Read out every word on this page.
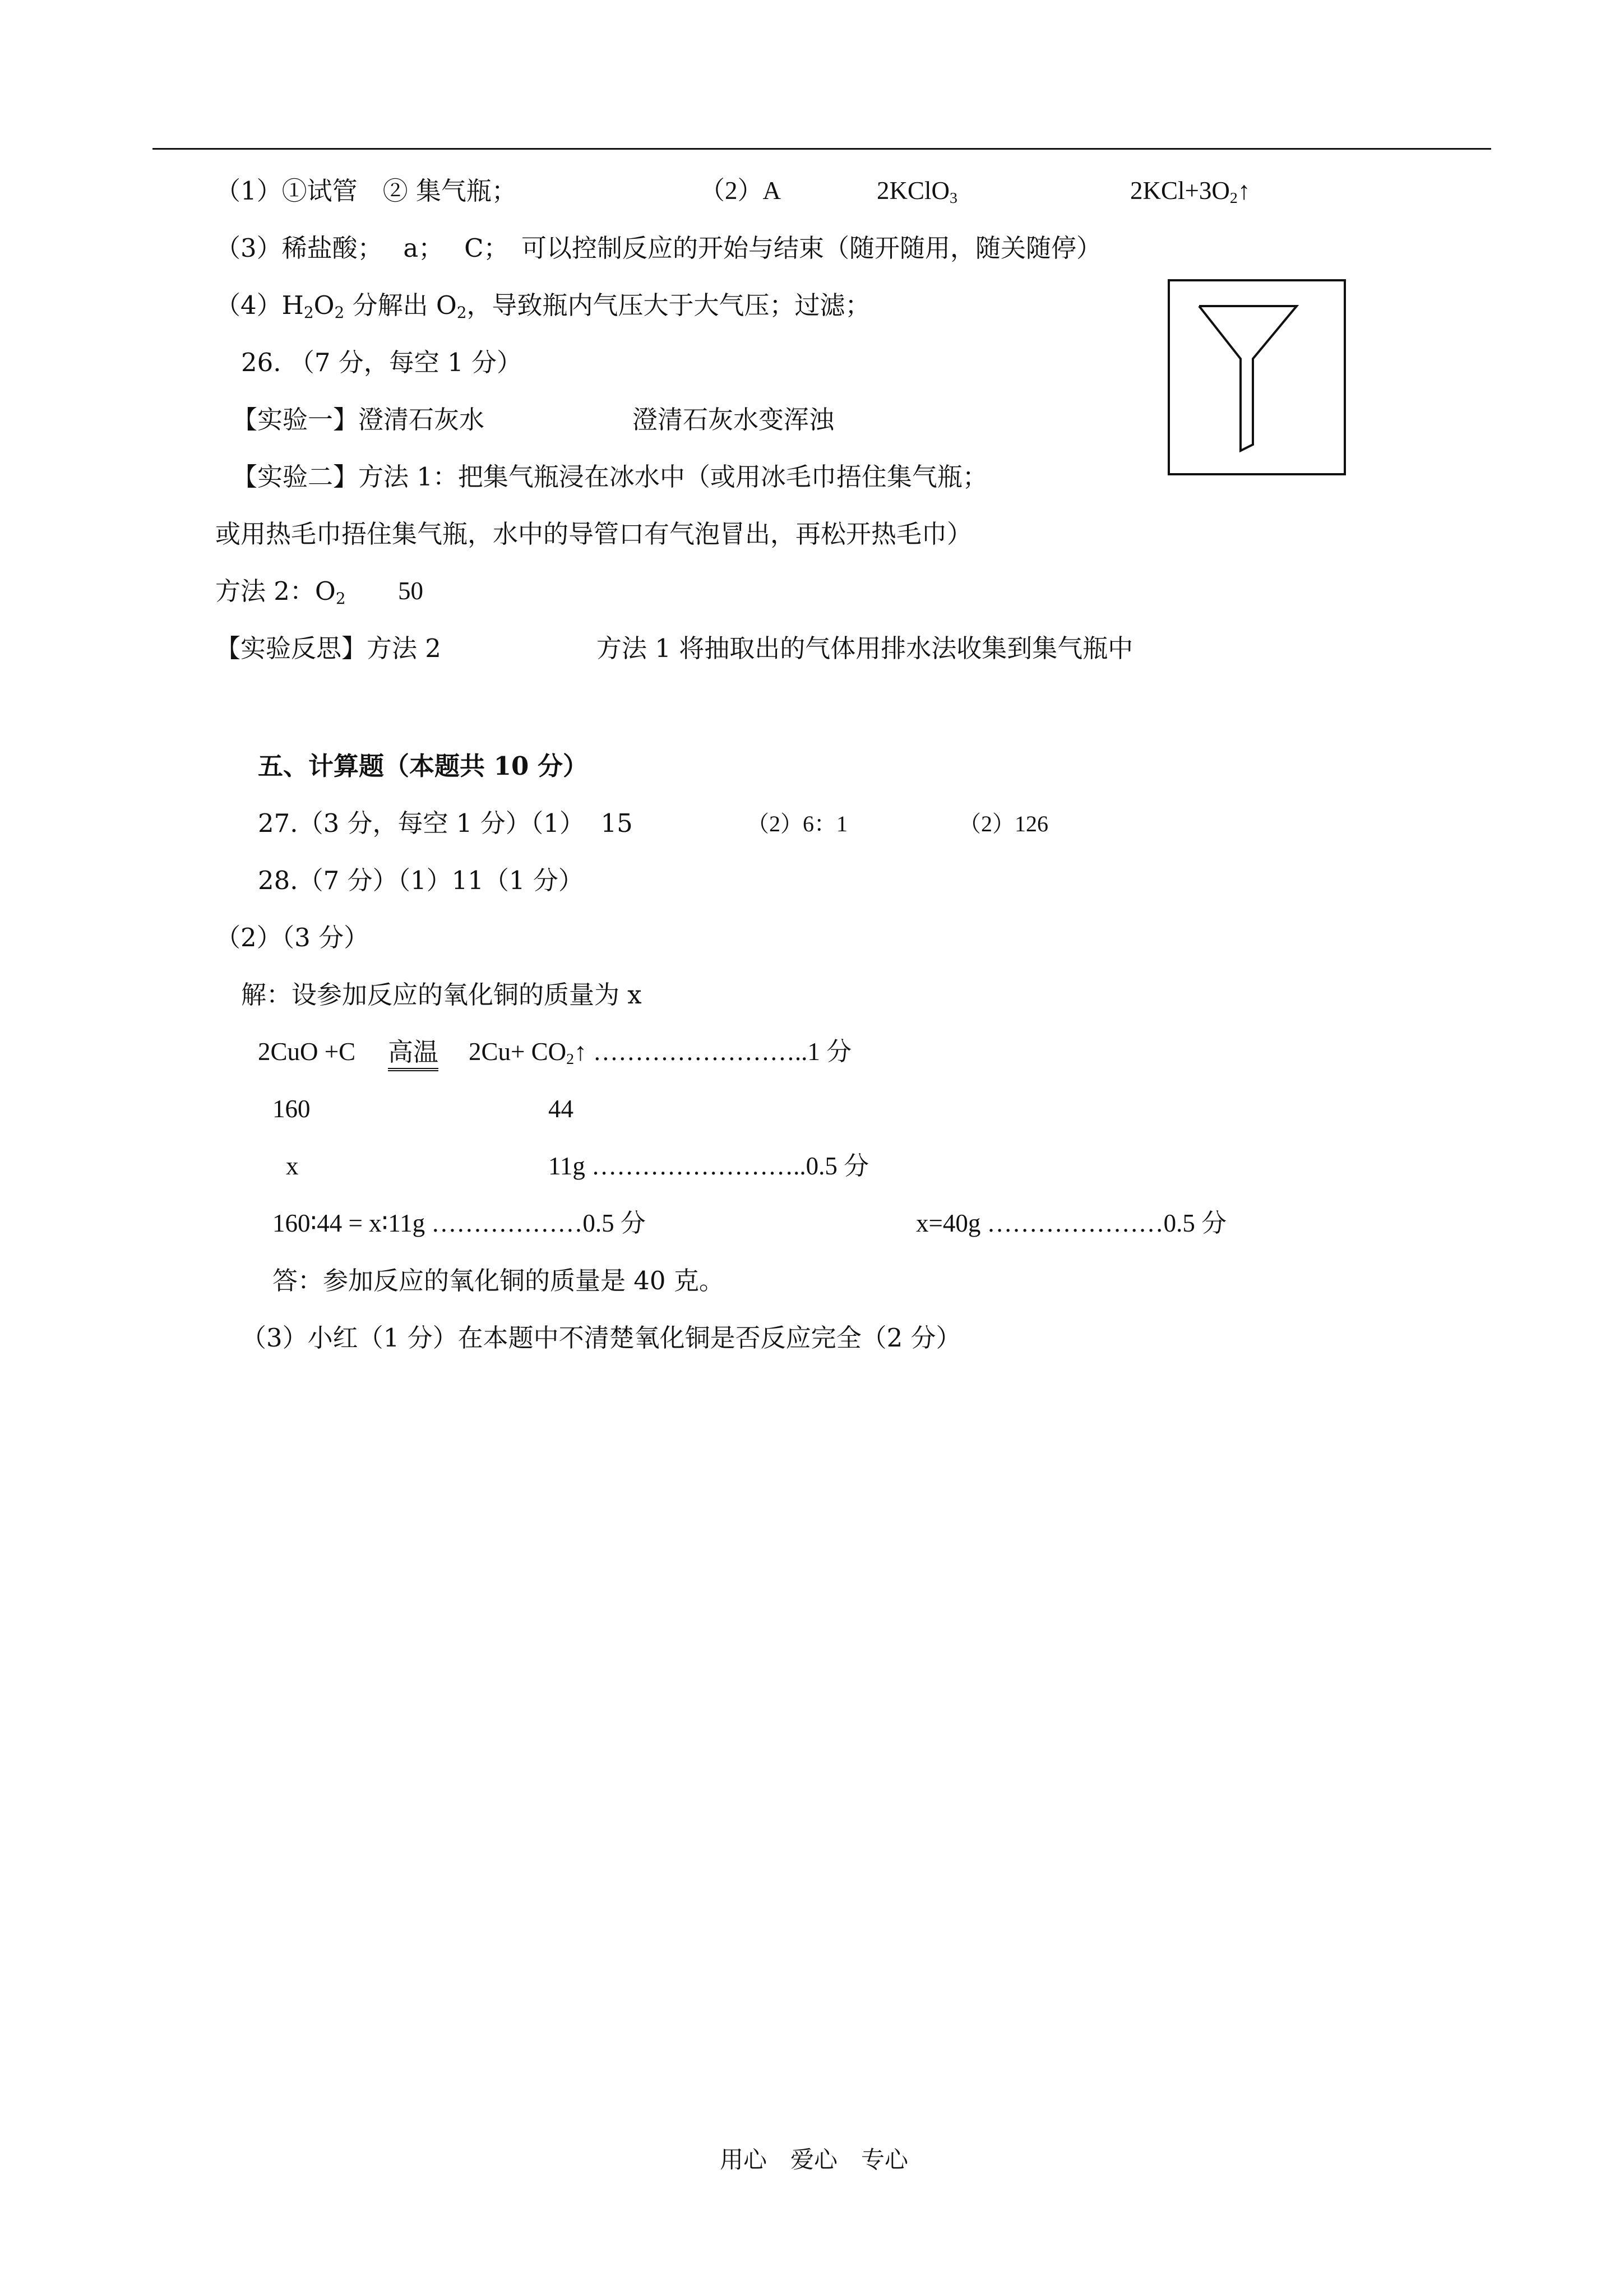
（1）①试管　② 集气瓶；	（2）A	2KClO$_3$	$2KCl+3O_2↑$
（3）稀盐酸；　 a；　 C；　可以控制反应的开始与结束（随开随用，随关随停）
$(4)H_2O_2$ 分解出 $O_2$，导致瓶内气压大于大气压；过滤；
26. （7 分，每空 1 分）
【实验一】澄清石灰水	澄清石灰水变浑浊
【实验二】方法 1：把集气瓶浸在冰水中（或用冰毛巾捂住集气瓶；
或用热毛巾捂住集气瓶，水中的导管口有气泡冒出，再松开热毛巾）
方法 2：$O_2$ 50
【实验反思】方法 2	方法 1 将抽取出的气体用排水法收集到集气瓶中
五、计算题（本题共 10 分）
27.（3 分，每空 1 分）（1）  15	（2）6：1	（2）126
28.（7 分）（1）11（1 分）
（2）（3 分）
解：设参加反应的氧化铜的质量为 x
2CuO +C 高温 $2Cu+ CO_2↑$ ……………………..1 分
160	44
x	11g ……………………..0.5 分
160∶44 = x∶11g ………………0.5 分	x=40g …………………0.5 分
答：参加反应的氧化铜的质量是 40 克。
（3）小红（1 分）在本题中不清楚氧化铜是否反应完全（2 分）
用心　爱心　专心
